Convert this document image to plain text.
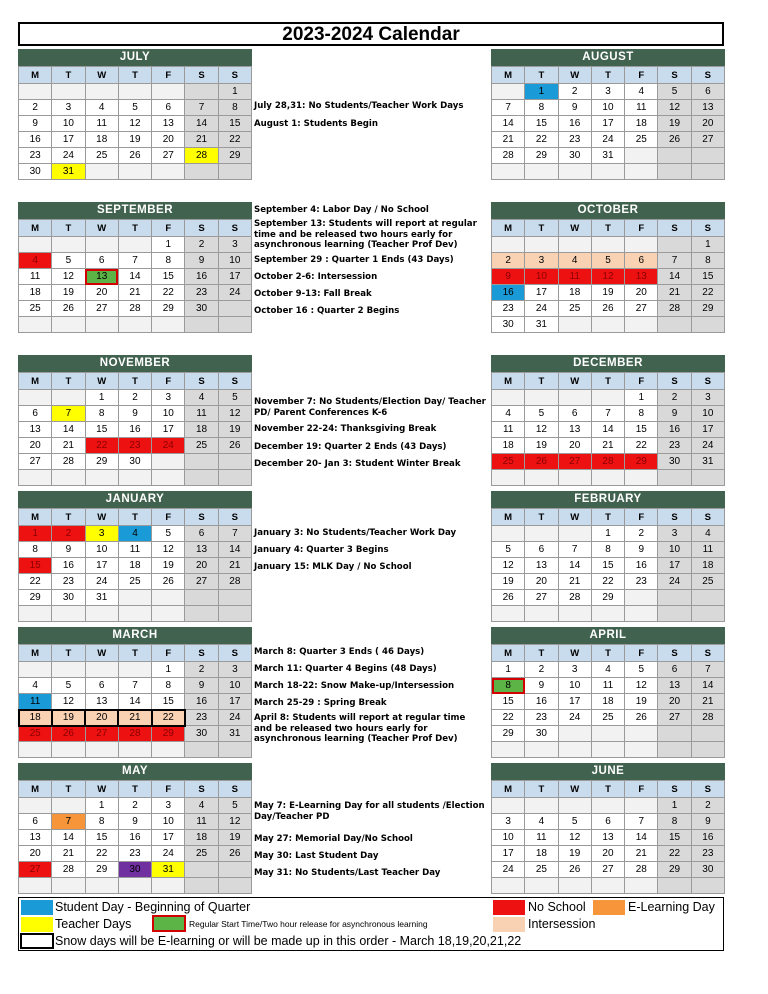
2023-2024 Calendar
JULY
M	T	W	T	F	S	S
						1
2	3	4	5	6	7	8
9	10	11	12	13	14	15
16	17	18	19	20	21	22
23	24	25	26	27	28	29
30	31					
AUGUST
M	T	W	T	F	S	S
	1	2	3	4	5	6
7	8	9	10	11	12	13
14	15	16	17	18	19	20
21	22	23	24	25	26	27
28	29	30	31			

SEPTEMBER
M	T	W	T	F	S	S
				1	2	3
4	5	6	7	8	9	10
11	12	13	14	15	16	17
18	19	20	21	22	23	24
25	26	27	28	29	30	

OCTOBER
M	T	W	T	F	S	S
						1
2	3	4	5	6	7	8
9	10	11	12	13	14	15
16	17	18	19	20	21	22
23	24	25	26	27	28	29
30	31					
NOVEMBER
M	T	W	T	F	S	S
		1	2	3	4	5
6	7	8	9	10	11	12
13	14	15	16	17	18	19
20	21	22	23	24	25	26
27	28	29	30			

DECEMBER
M	T	W	T	F	S	S
				1	2	3
4	5	6	7	8	9	10
11	12	13	14	15	16	17
18	19	20	21	22	23	24
25	26	27	28	29	30	31

JANUARY
M	T	W	T	F	S	S
1	2	3	4	5	6	7
8	9	10	11	12	13	14
15	16	17	18	19	20	21
22	23	24	25	26	27	28
29	30	31				

FEBRUARY
M	T	W	T	F	S	S
			1	2	3	4
5	6	7	8	9	10	11
12	13	14	15	16	17	18
19	20	21	22	23	24	25
26	27	28	29			

MARCH
M	T	W	T	F	S	S
				1	2	3
4	5	6	7	8	9	10
11	12	13	14	15	16	17
18	19	20	21	22	23	24
25	26	27	28	29	30	31

APRIL
M	T	W	T	F	S	S
1	2	3	4	5	6	7
8	9	10	11	12	13	14
15	16	17	18	19	20	21
22	23	24	25	26	27	28
29	30					

MAY
M	T	W	T	F	S	S
		1	2	3	4	5
6	7	8	9	10	11	12
13	14	15	16	17	18	19
20	21	22	23	24	25	26
27	28	29	30	31		

JUNE
M	T	W	T	F	S	S
					1	2
3	4	5	6	7	8	9
10	11	12	13	14	15	16
17	18	19	20	21	22	23
24	25	26	27	28	29	30

July 28,31: No Students/Teacher Work Days
August 1: Students Begin
September 4: Labor Day / No School
September 13: Students will report at regular time and be released two hours early for asynchronous learning (Teacher Prof Dev)
September 29 : Quarter 1 Ends (43 Days)
October 2-6: Intersession
October 9-13: Fall Break
October 16 : Quarter 2 Begins
November 7: No Students/Election Day/ Teacher PD/ Parent Conferences K-6
November 22-24: Thanksgiving Break
December 19: Quarter 2 Ends (43 Days)
December 20- Jan 3: Student Winter Break
January 3: No Students/Teacher Work Day
January 4: Quarter 3 Begins
January 15: MLK Day / No School
March 8: Quarter 3 Ends ( 46 Days)
March 11: Quarter 4 Begins (48 Days)
March 18-22: Snow Make-up/Intersession
March 25-29 : Spring Break
April 8: Students will report at regular time and be released two hours early for asynchronous learning (Teacher Prof Dev)
May 7: E-Learning Day for all students /Election Day/Teacher PD
May 27: Memorial Day/No School
May 30: Last Student Day
May 31: No Students/Last Teacher Day
Student Day - Beginning of Quarter
Teacher Days	Regular Start Time/Two hour release for asynchronous learning
Snow days will be E-learning or will be made up in this order - March 18,19,20,21,22
No School	E-Learning Day
Intersession
